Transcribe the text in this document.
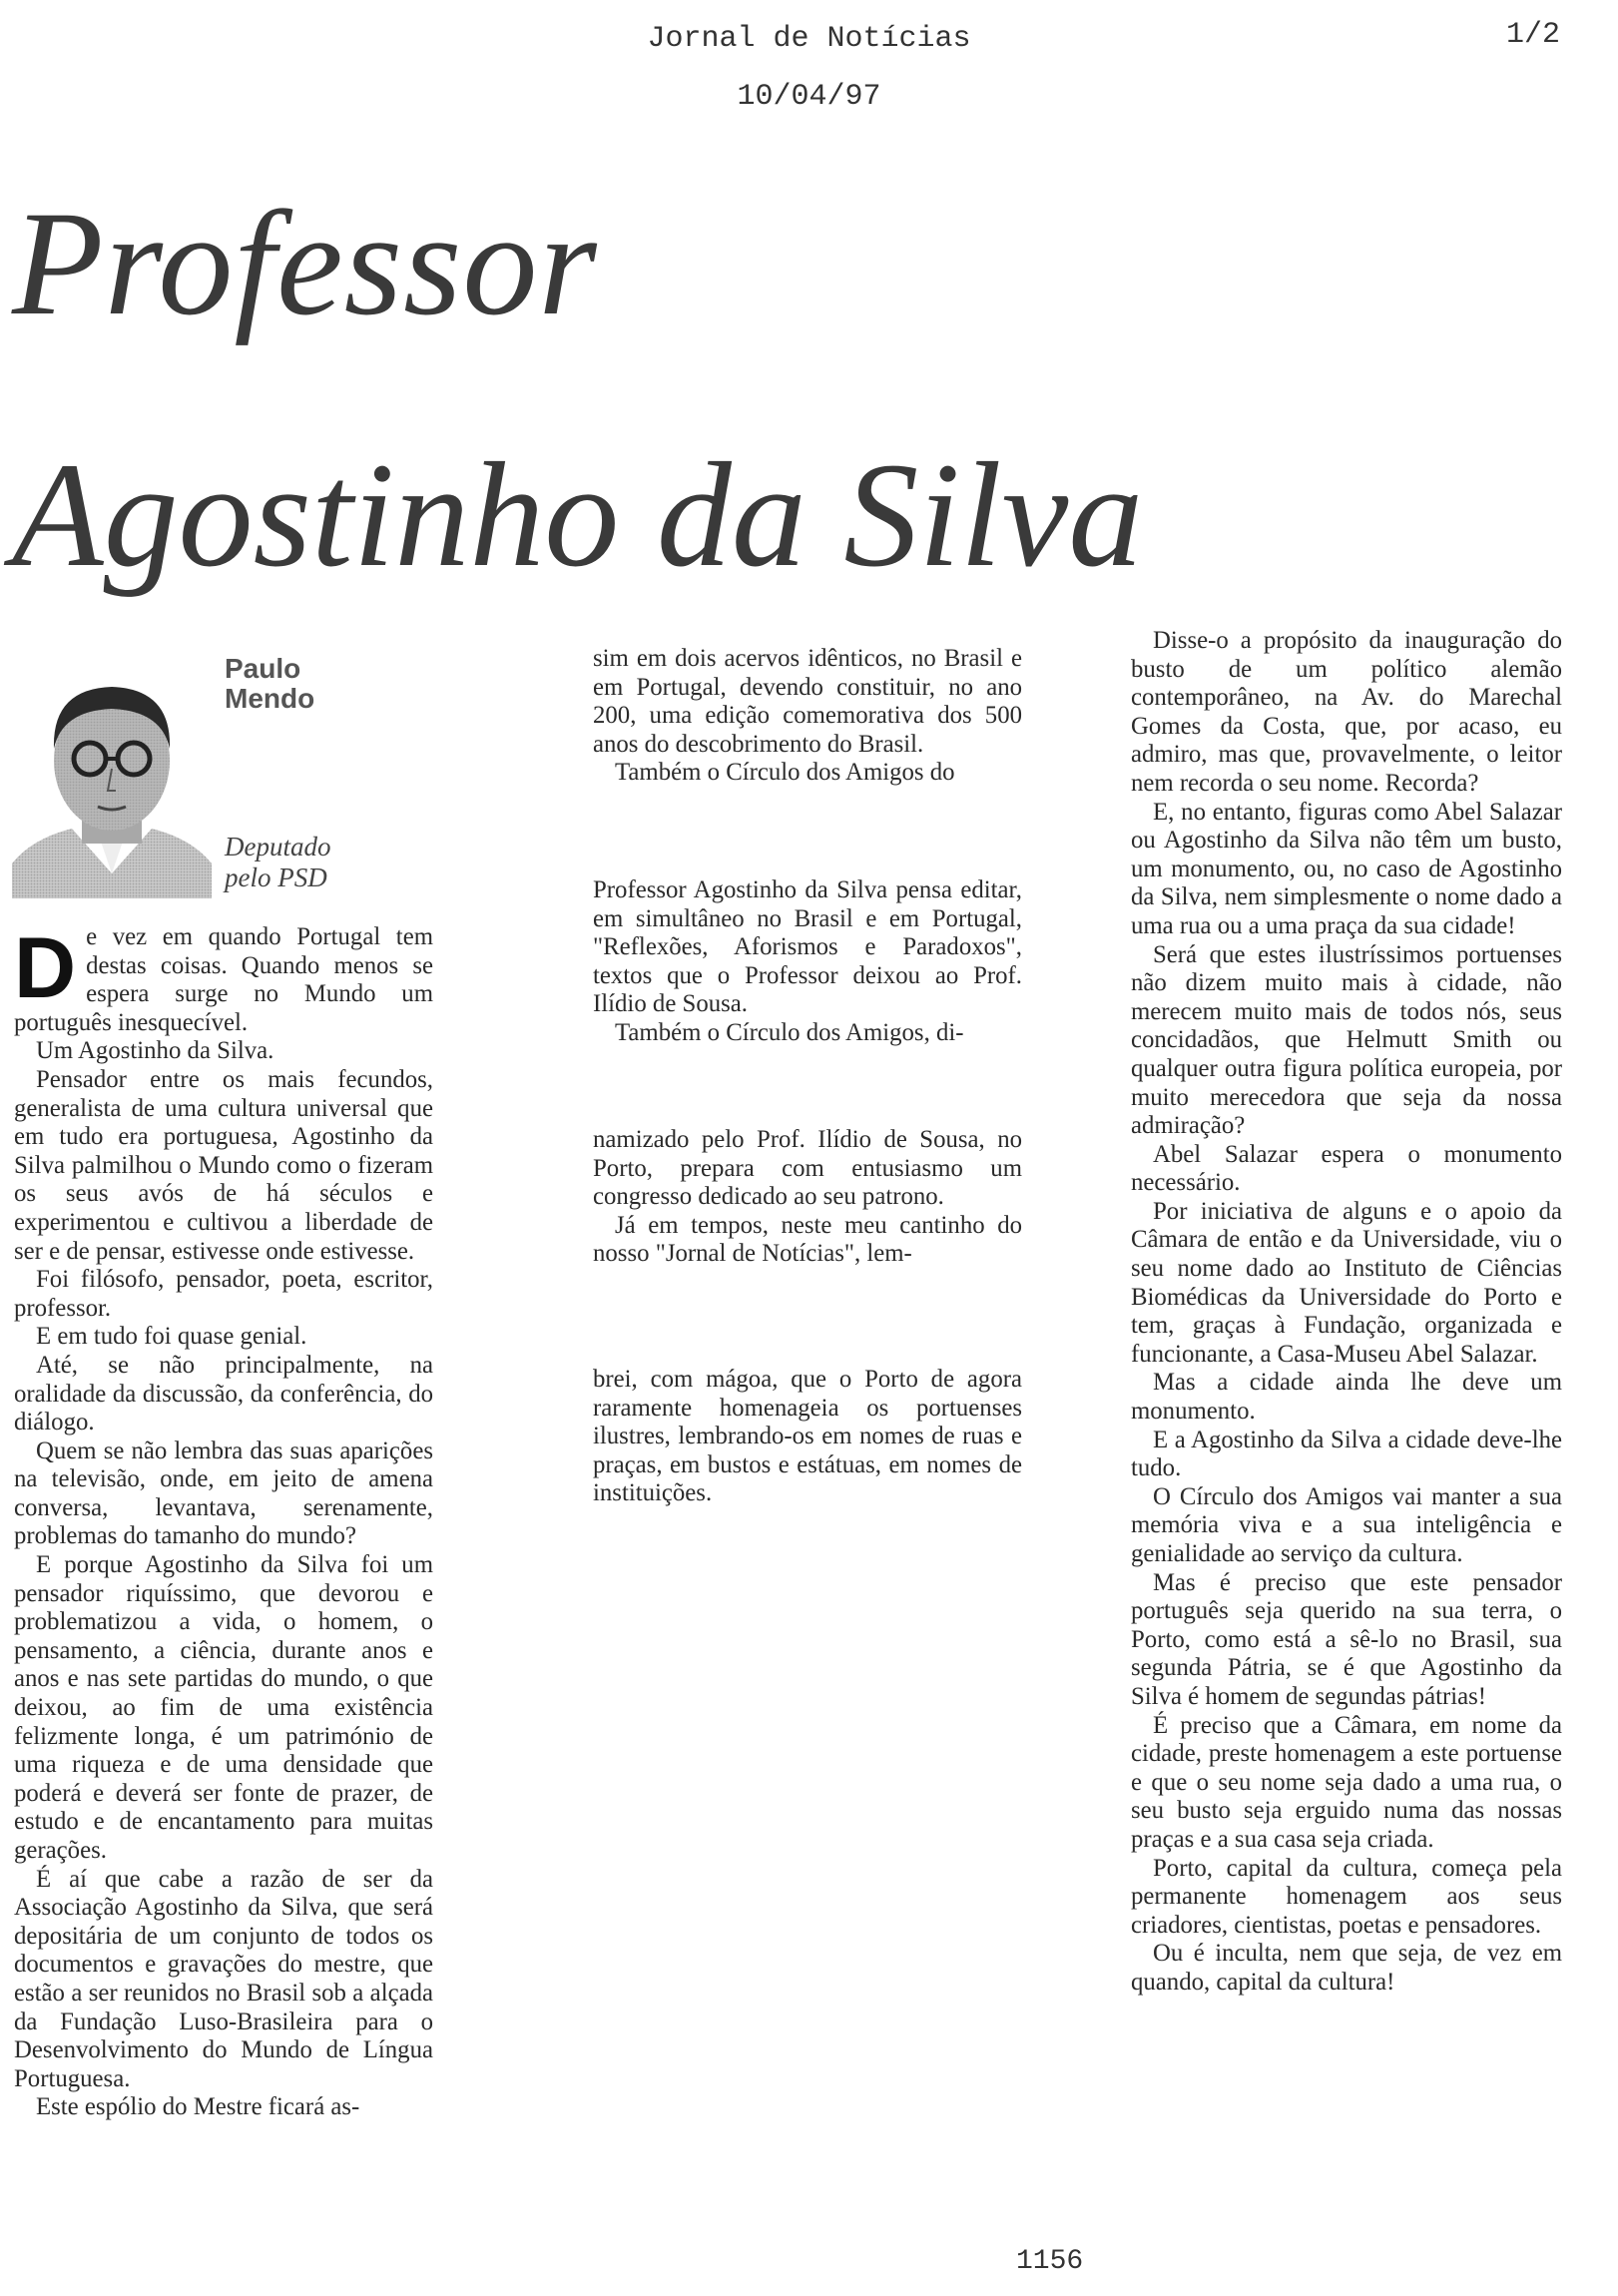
Jornal de Notícias
10/04/97
1/2
Professor
Agostinho da Silva
Paulo
Mendo
Deputado
pelo PSD
D e vez em quando Portugal tem destas coisas. Quando menos se espera surge no Mundo um português inesquecível.

Um Agostinho da Silva.

Pensador entre os mais fecundos, generalista de uma cultura universal que em tudo era portuguesa, Agostinho da Silva palmilhou o Mundo como o fizeram os seus avós de há séculos e experimentou e cultivou a liberdade de ser e de pensar, estivesse onde estivesse.

Foi filósofo, pensador, poeta, escritor, professor.

E em tudo foi quase genial.

Até, se não principalmente, na oralidade da discussão, da conferência, do diálogo.

Quem se não lembra das suas aparições na televisão, onde, em jeito de amena conversa, levantava, serenamente, problemas do tamanho do mundo?

E porque Agostinho da Silva foi um pensador riquíssimo, que devorou e problematizou a vida, o homem, o pensamento, a ciência, durante anos e anos e nas sete partidas do mundo, o que deixou, ao fim de uma existência felizmente longa, é um património de uma riqueza e de uma densidade que poderá e deverá ser fonte de prazer, de estudo e de encantamento para muitas gerações.

É aí que cabe a razão de ser da Associação Agostinho da Silva, que será depositária de um conjunto de todos os documentos e gravações do mestre, que estão a ser reunidos no Brasil sob a alçada da Fundação Luso-Brasileira para o Desenvolvimento do Mundo de Língua Portuguesa.

Este espólio do Mestre ficará as-

sim em dois acervos idênticos, no Brasil e em Portugal, devendo constituir, no ano 200, uma edição comemorativa dos 500 anos do descobrimento do Brasil.

Também o Círculo dos Amigos do

Professor Agostinho da Silva pensa editar, em simultâneo no Brasil e em Portugal, "Reflexões, Aforismos e Paradoxos", textos que o Professor deixou ao Prof. Ilídio de Sousa.

Também o Círculo dos Amigos, di-

namizado pelo Prof. Ilídio de Sousa, no Porto, prepara com entusiasmo um congresso dedicado ao seu patrono.

Já em tempos, neste meu cantinho do nosso "Jornal de Notícias", lem-

brei, com mágoa, que o Porto de agora raramente homenageia os portuenses ilustres, lembrando-os em nomes de ruas e praças, em bustos e estátuas, em nomes de instituições.

Disse-o a propósito da inauguração do busto de um político alemão contemporâneo, na Av. do Marechal Gomes da Costa, que, por acaso, eu admiro, mas que, provavelmente, o leitor nem recorda o seu nome. Recorda?

E, no entanto, figuras como Abel Salazar ou Agostinho da Silva não têm um busto, um monumento, ou, no caso de Agostinho da Silva, nem simplesmente o nome dado a uma rua ou a uma praça da sua cidade!

Será que estes ilustríssimos portuenses não dizem muito mais à cidade, não merecem muito mais de todos nós, seus concidadãos, que Helmutt Smith ou qualquer outra figura política europeia, por muito merecedora que seja da nossa admiração?

Abel Salazar espera o monumento necessário.

Por iniciativa de alguns e o apoio da Câmara de então e da Universidade, viu o seu nome dado ao Instituto de Ciências Biomédicas da Universidade do Porto e tem, graças à Fundação, organizada e funcionante, a Casa-Museu Abel Salazar.

Mas a cidade ainda lhe deve um monumento.

E a Agostinho da Silva a cidade deve-lhe tudo.

O Círculo dos Amigos vai manter a sua memória viva e a sua inteligência e genialidade ao serviço da cultura.

Mas é preciso que este pensador português seja querido na sua terra, o Porto, como está a sê-lo no Brasil, sua segunda Pátria, se é que Agostinho da Silva é homem de segundas pátrias!

É preciso que a Câmara, em nome da cidade, preste homenagem a este portuense e que o seu nome seja dado a uma rua, o seu busto seja erguido numa das nossas praças e a sua casa seja criada.

Porto, capital da cultura, começa pela permanente homenagem aos seus criadores, cientistas, poetas e pensadores.

Ou é inculta, nem que seja, de vez em quando, capital da cultura!

1156
